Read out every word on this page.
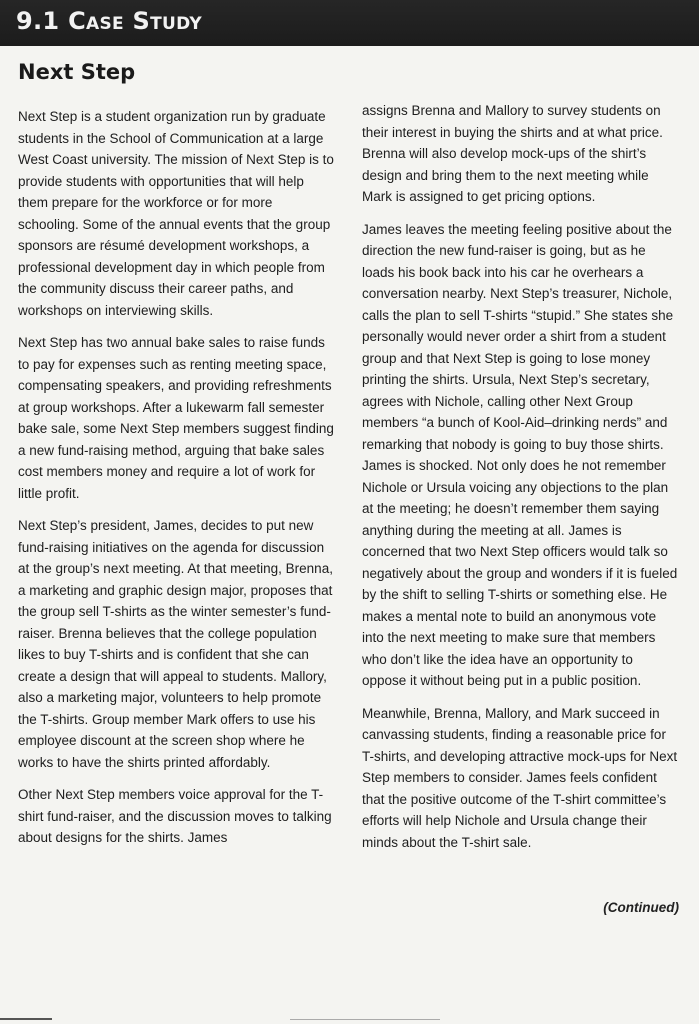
9.1 Case Study
Next Step

Next Step is a student organization run by graduate students in the School of Communication at a large West Coast university. The mission of Next Step is to provide students with opportunities that will help them prepare for the workforce or for more schooling. Some of the annual events that the group sponsors are résumé development workshops, a professional development day in which people from the community discuss their career paths, and workshops on interviewing skills.

Next Step has two annual bake sales to raise funds to pay for expenses such as renting meeting space, compensating speakers, and providing refreshments at group workshops. After a lukewarm fall semester bake sale, some Next Step members suggest finding a new fund-raising method, arguing that bake sales cost members money and require a lot of work for little profit.

Next Step’s president, James, decides to put new fund-raising initiatives on the agenda for discussion at the group’s next meeting. At that meeting, Brenna, a marketing and graphic design major, proposes that the group sell T-shirts as the winter semester’s fund-raiser. Brenna believes that the college population likes to buy T-shirts and is confident that she can create a design that will appeal to students. Mallory, also a marketing major, volunteers to help promote the T-shirts. Group member Mark offers to use his employee discount at the screen shop where he works to have the shirts printed affordably.

Other Next Step members voice approval for the T-shirt fund-raiser, and the discussion moves to talking about designs for the shirts. James

assigns Brenna and Mallory to survey students on their interest in buying the shirts and at what price. Brenna will also develop mock-ups of the shirt’s design and bring them to the next meeting while Mark is assigned to get pricing options.

James leaves the meeting feeling positive about the direction the new fund-raiser is going, but as he loads his book back into his car he overhears a conversation nearby. Next Step’s treasurer, Nichole, calls the plan to sell T-shirts “stupid.” She states she personally would never order a shirt from a student group and that Next Step is going to lose money printing the shirts. Ursula, Next Step’s secretary, agrees with Nichole, calling other Next Group members “a bunch of Kool-Aid–drinking nerds” and remarking that nobody is going to buy those shirts. James is shocked. Not only does he not remember Nichole or Ursula voicing any objections to the plan at the meeting; he doesn’t remember them saying anything during the meeting at all. James is concerned that two Next Step officers would talk so negatively about the group and wonders if it is fueled by the shift to selling T-shirts or something else. He makes a mental note to build an anonymous vote into the next meeting to make sure that members who don’t like the idea have an opportunity to oppose it without being put in a public position.

Meanwhile, Brenna, Mallory, and Mark succeed in canvassing students, finding a reasonable price for T-shirts, and developing attractive mock-ups for Next Step members to consider. James feels confident that the positive outcome of the T-shirt committee’s efforts will help Nichole and Ursula change their minds about the T-shirt sale.

(Continued)
